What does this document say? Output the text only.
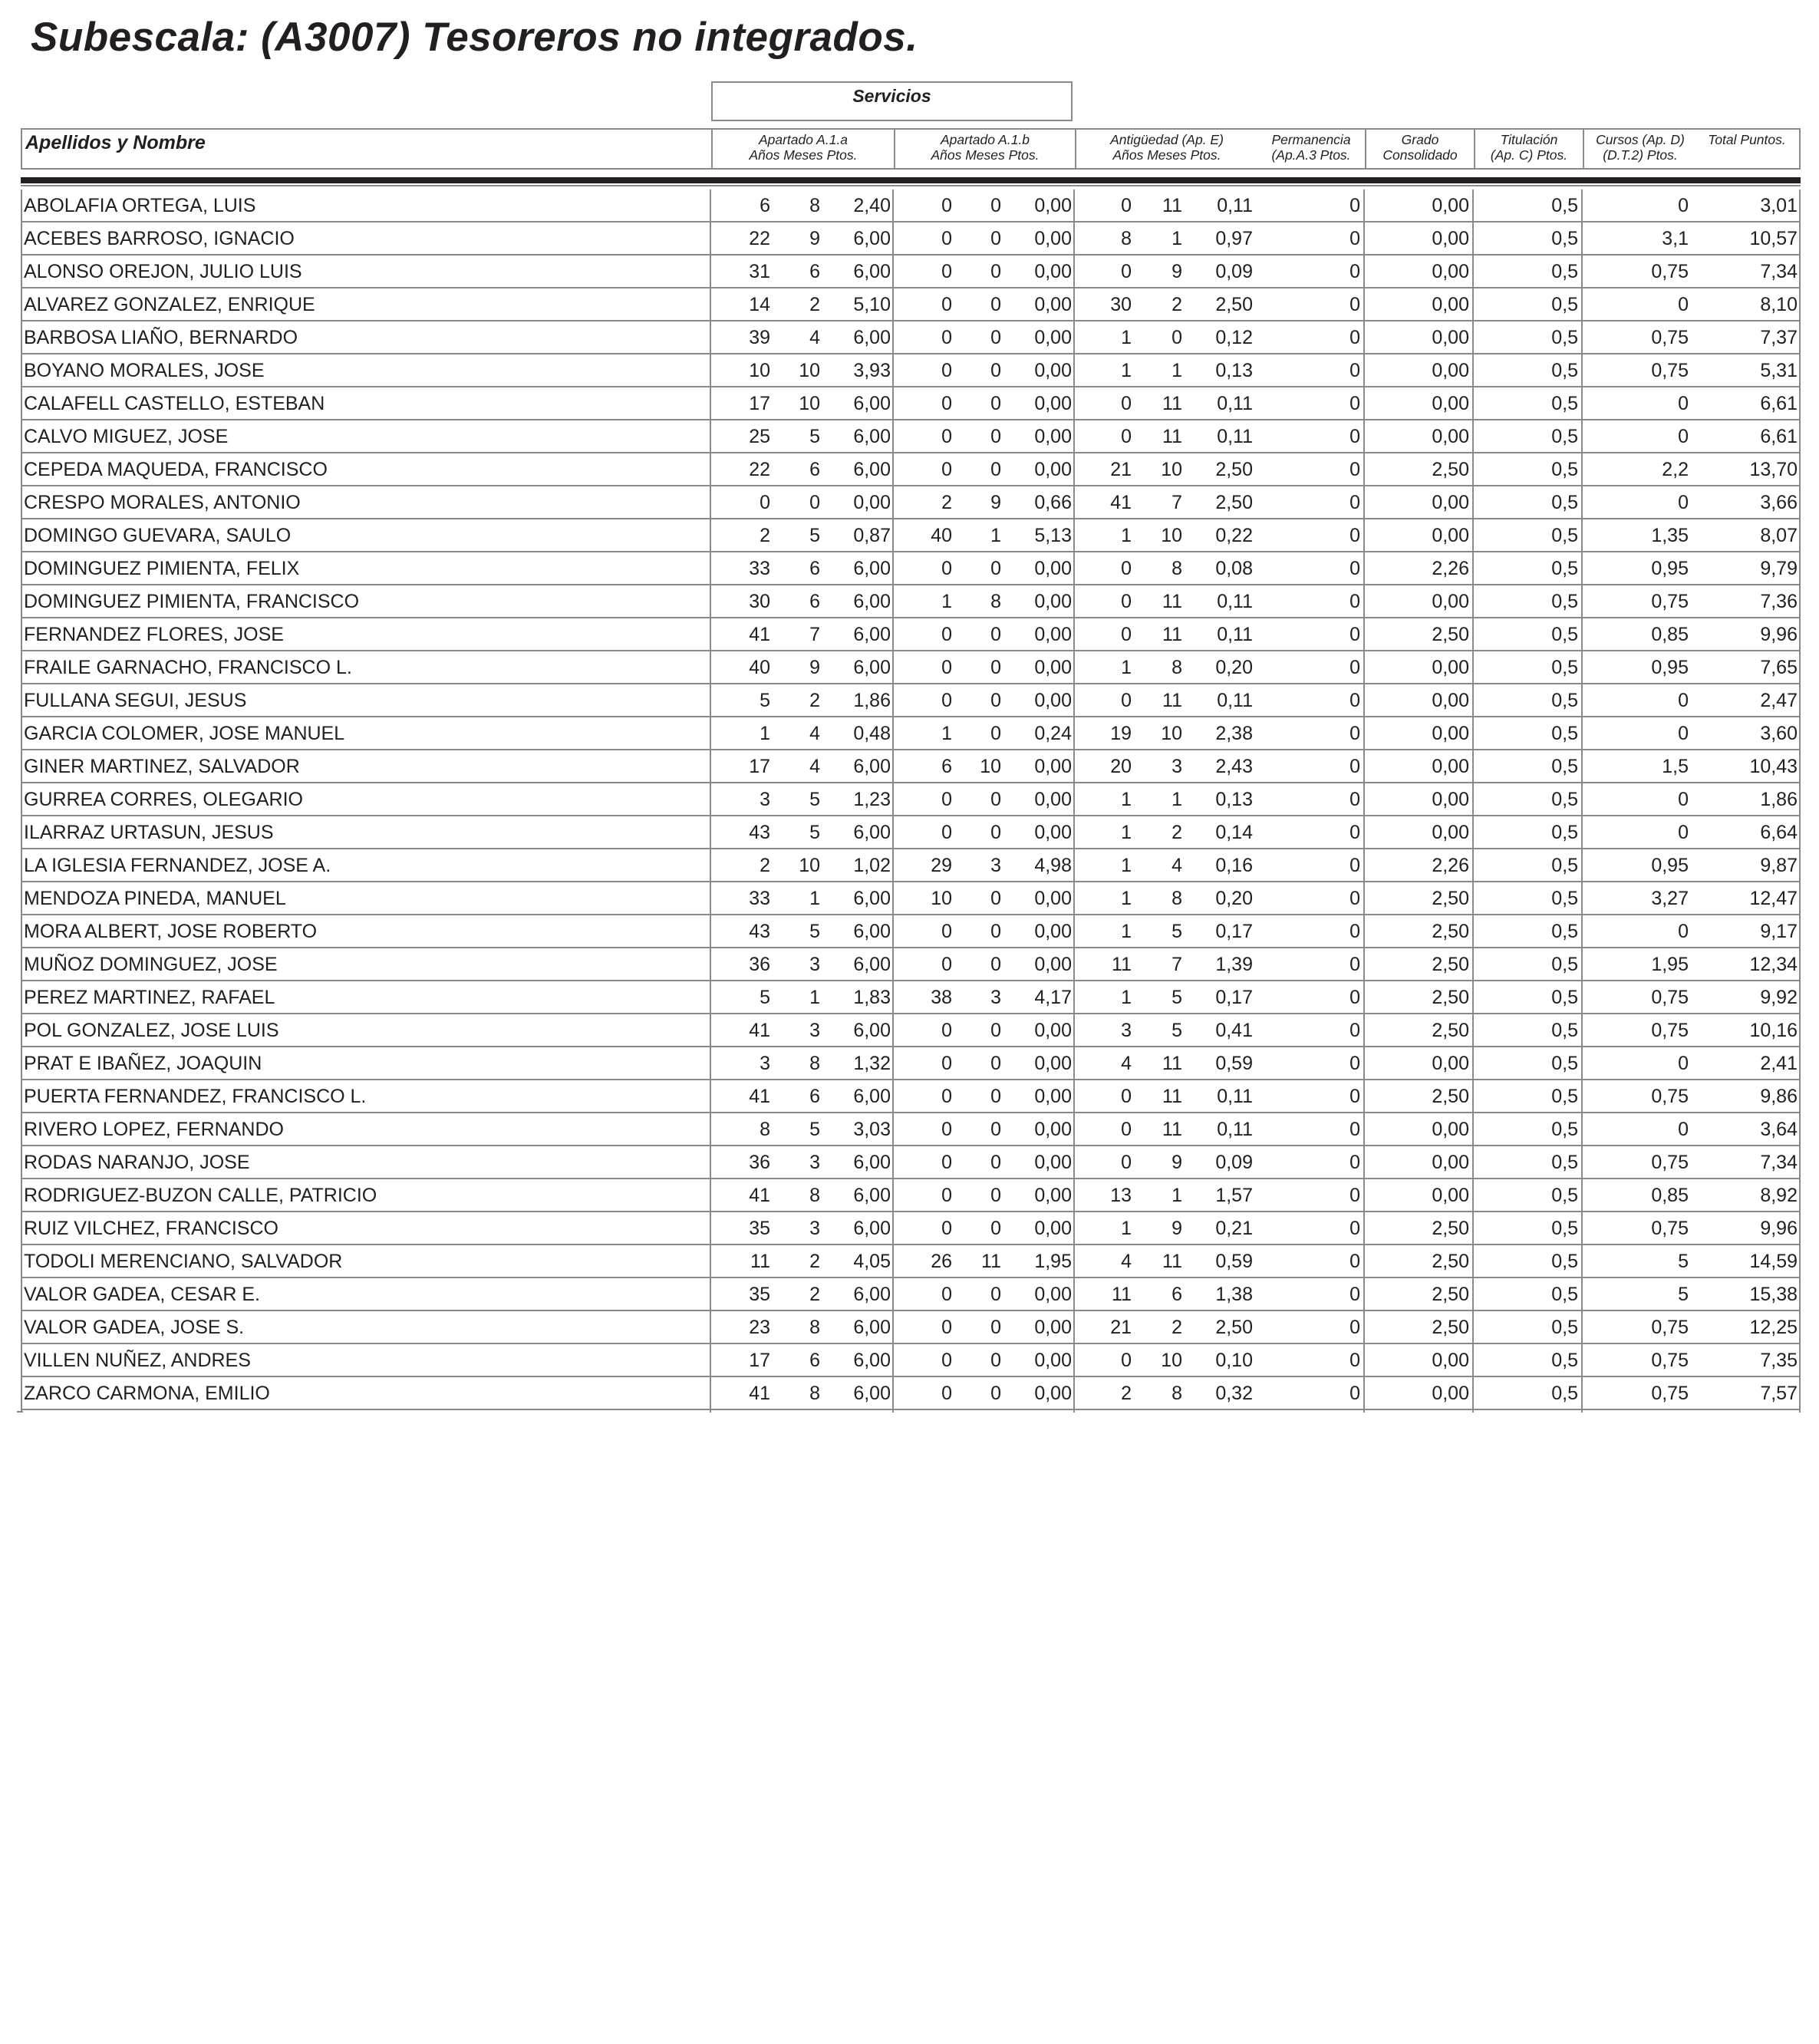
Subescala: (A3007) Tesoreros no integrados.
Servicios
Apellidos y Nombre	Apartado A.1.a
Años Meses Ptos.
Apartado A.1.b
Años Meses Ptos.
Antigüedad (Ap. E)
Años Meses Ptos.
Permanencia
(Ap.A.3 Ptos.
Grado
Consolidado
Titulación
(Ap. C) Ptos.
Cursos (Ap. D)
(D.T.2) Ptos.
Total Puntos.
ABOLAFIA ORTEGA, LUIS	6	8	2,40	0	0	0,00	0	11	0,11	0	0,00	0,5	0	3,01
ACEBES BARROSO, IGNACIO	22	9	6,00	0	0	0,00	8	1	0,97	0	0,00	0,5	3,1	10,57
ALONSO OREJON, JULIO LUIS	31	6	6,00	0	0	0,00	0	9	0,09	0	0,00	0,5	0,75	7,34
ALVAREZ GONZALEZ, ENRIQUE	14	2	5,10	0	0	0,00	30	2	2,50	0	0,00	0,5	0	8,10
BARBOSA LIAÑO, BERNARDO	39	4	6,00	0	0	0,00	1	0	0,12	0	0,00	0,5	0,75	7,37
BOYANO MORALES, JOSE	10	10	3,93	0	0	0,00	1	1	0,13	0	0,00	0,5	0,75	5,31
CALAFELL CASTELLO, ESTEBAN	17	10	6,00	0	0	0,00	0	11	0,11	0	0,00	0,5	0	6,61
CALVO MIGUEZ, JOSE	25	5	6,00	0	0	0,00	0	11	0,11	0	0,00	0,5	0	6,61
CEPEDA MAQUEDA, FRANCISCO	22	6	6,00	0	0	0,00	21	10	2,50	0	2,50	0,5	2,2	13,70
CRESPO MORALES, ANTONIO	0	0	0,00	2	9	0,66	41	7	2,50	0	0,00	0,5	0	3,66
DOMINGO GUEVARA, SAULO	2	5	0,87	40	1	5,13	1	10	0,22	0	0,00	0,5	1,35	8,07
DOMINGUEZ PIMIENTA, FELIX	33	6	6,00	0	0	0,00	0	8	0,08	0	2,26	0,5	0,95	9,79
DOMINGUEZ PIMIENTA, FRANCISCO	30	6	6,00	1	8	0,00	0	11	0,11	0	0,00	0,5	0,75	7,36
FERNANDEZ FLORES, JOSE	41	7	6,00	0	0	0,00	0	11	0,11	0	2,50	0,5	0,85	9,96
FRAILE GARNACHO, FRANCISCO L.	40	9	6,00	0	0	0,00	1	8	0,20	0	0,00	0,5	0,95	7,65
FULLANA SEGUI, JESUS	5	2	1,86	0	0	0,00	0	11	0,11	0	0,00	0,5	0	2,47
GARCIA COLOMER, JOSE MANUEL	1	4	0,48	1	0	0,24	19	10	2,38	0	0,00	0,5	0	3,60
GINER MARTINEZ, SALVADOR	17	4	6,00	6	10	0,00	20	3	2,43	0	0,00	0,5	1,5	10,43
GURREA CORRES, OLEGARIO	3	5	1,23	0	0	0,00	1	1	0,13	0	0,00	0,5	0	1,86
ILARRAZ URTASUN, JESUS	43	5	6,00	0	0	0,00	1	2	0,14	0	0,00	0,5	0	6,64
LA IGLESIA FERNANDEZ, JOSE A.	2	10	1,02	29	3	4,98	1	4	0,16	0	2,26	0,5	0,95	9,87
MENDOZA PINEDA, MANUEL	33	1	6,00	10	0	0,00	1	8	0,20	0	2,50	0,5	3,27	12,47
MORA ALBERT, JOSE ROBERTO	43	5	6,00	0	0	0,00	1	5	0,17	0	2,50	0,5	0	9,17
MUÑOZ DOMINGUEZ, JOSE	36	3	6,00	0	0	0,00	11	7	1,39	0	2,50	0,5	1,95	12,34
PEREZ MARTINEZ, RAFAEL	5	1	1,83	38	3	4,17	1	5	0,17	0	2,50	0,5	0,75	9,92
POL GONZALEZ, JOSE LUIS	41	3	6,00	0	0	0,00	3	5	0,41	0	2,50	0,5	0,75	10,16
PRAT E IBAÑEZ, JOAQUIN	3	8	1,32	0	0	0,00	4	11	0,59	0	0,00	0,5	0	2,41
PUERTA FERNANDEZ, FRANCISCO L.	41	6	6,00	0	0	0,00	0	11	0,11	0	2,50	0,5	0,75	9,86
RIVERO LOPEZ, FERNANDO	8	5	3,03	0	0	0,00	0	11	0,11	0	0,00	0,5	0	3,64
RODAS NARANJO, JOSE	36	3	6,00	0	0	0,00	0	9	0,09	0	0,00	0,5	0,75	7,34
RODRIGUEZ-BUZON CALLE, PATRICIO	41	8	6,00	0	0	0,00	13	1	1,57	0	0,00	0,5	0,85	8,92
RUIZ VILCHEZ, FRANCISCO	35	3	6,00	0	0	0,00	1	9	0,21	0	2,50	0,5	0,75	9,96
TODOLI MERENCIANO, SALVADOR	11	2	4,05	26	11	1,95	4	11	0,59	0	2,50	0,5	5	14,59
VALOR GADEA, CESAR E.	35	2	6,00	0	0	0,00	11	6	1,38	0	2,50	0,5	5	15,38
VALOR GADEA, JOSE S.	23	8	6,00	0	0	0,00	21	2	2,50	0	2,50	0,5	0,75	12,25
VILLEN NUÑEZ, ANDRES	17	6	6,00	0	0	0,00	0	10	0,10	0	0,00	0,5	0,75	7,35
ZARCO CARMONA, EMILIO	41	8	6,00	0	0	0,00	2	8	0,32	0	0,00	0,5	0,75	7,57
